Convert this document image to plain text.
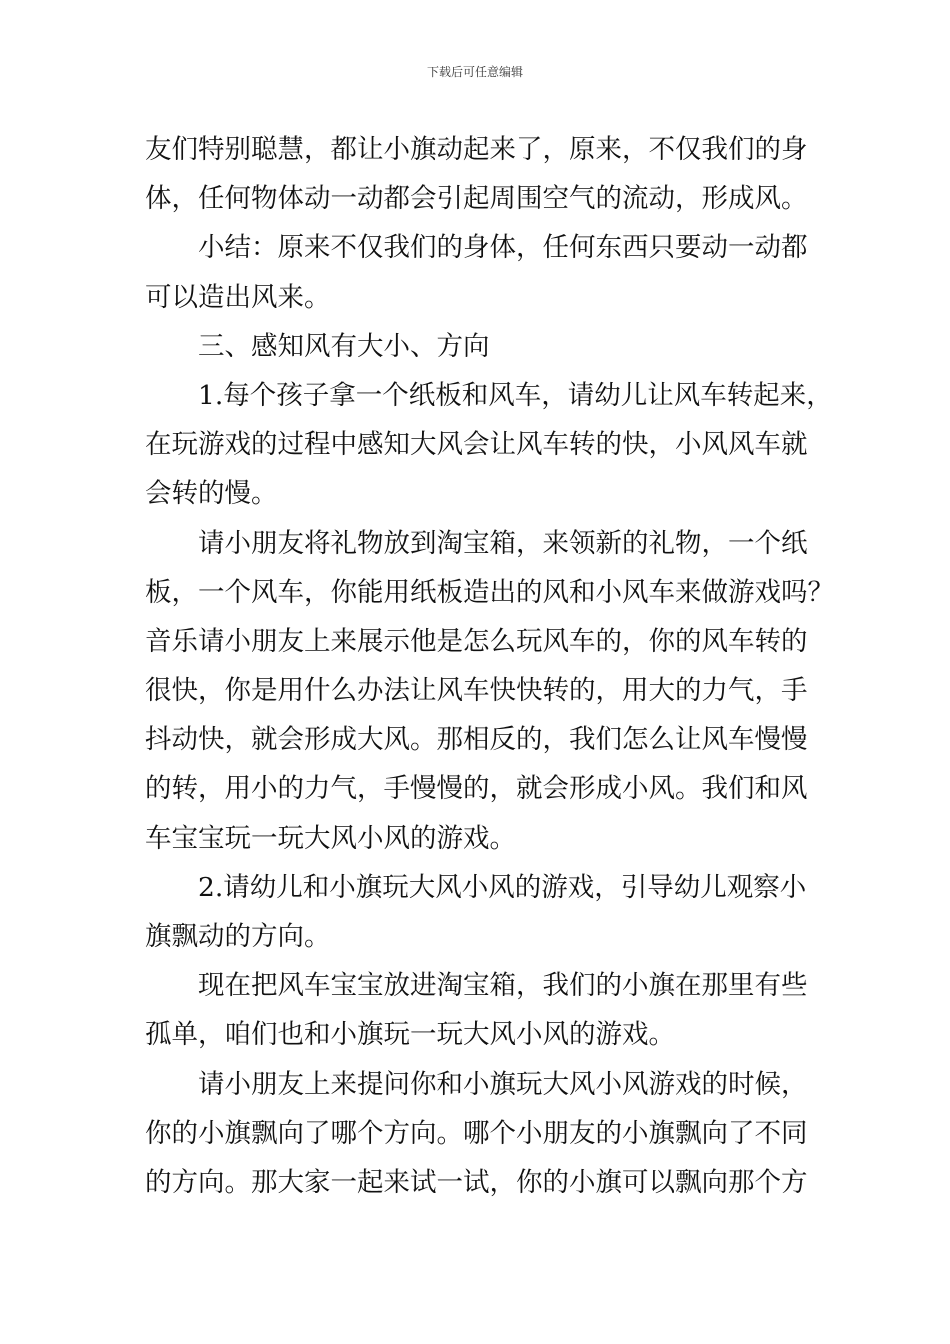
下载后可任意编辑
友们特别聪慧，都让小旗动起来了，原来，不仅我们的身
体，任何物体动一动都会引起周围空气的流动，形成风。
小结：原来不仅我们的身体，任何东西只要动一动都
可以造出风来。
三、感知风有大小、方向
1.每个孩子拿一个纸板和风车，请幼儿让风车转起来，
在玩游戏的过程中感知大风会让风车转的快，小风风车就
会转的慢。
请小朋友将礼物放到淘宝箱，来领新的礼物，一个纸
板，一个风车，你能用纸板造出的风和小风车来做游戏吗？
音乐请小朋友上来展示他是怎么玩风车的，你的风车转的
很快，你是用什么办法让风车快快转的，用大的力气，手
抖动快，就会形成大风。那相反的，我们怎么让风车慢慢
的转，用小的力气，手慢慢的，就会形成小风。我们和风
车宝宝玩一玩大风小风的游戏。
2.请幼儿和小旗玩大风小风的游戏，引导幼儿观察小
旗飘动的方向。
现在把风车宝宝放进淘宝箱，我们的小旗在那里有些
孤单，咱们也和小旗玩一玩大风小风的游戏。
请小朋友上来提问你和小旗玩大风小风游戏的时候，
你的小旗飘向了哪个方向。哪个小朋友的小旗飘向了不同
的方向。那大家一起来试一试，你的小旗可以飘向那个方
